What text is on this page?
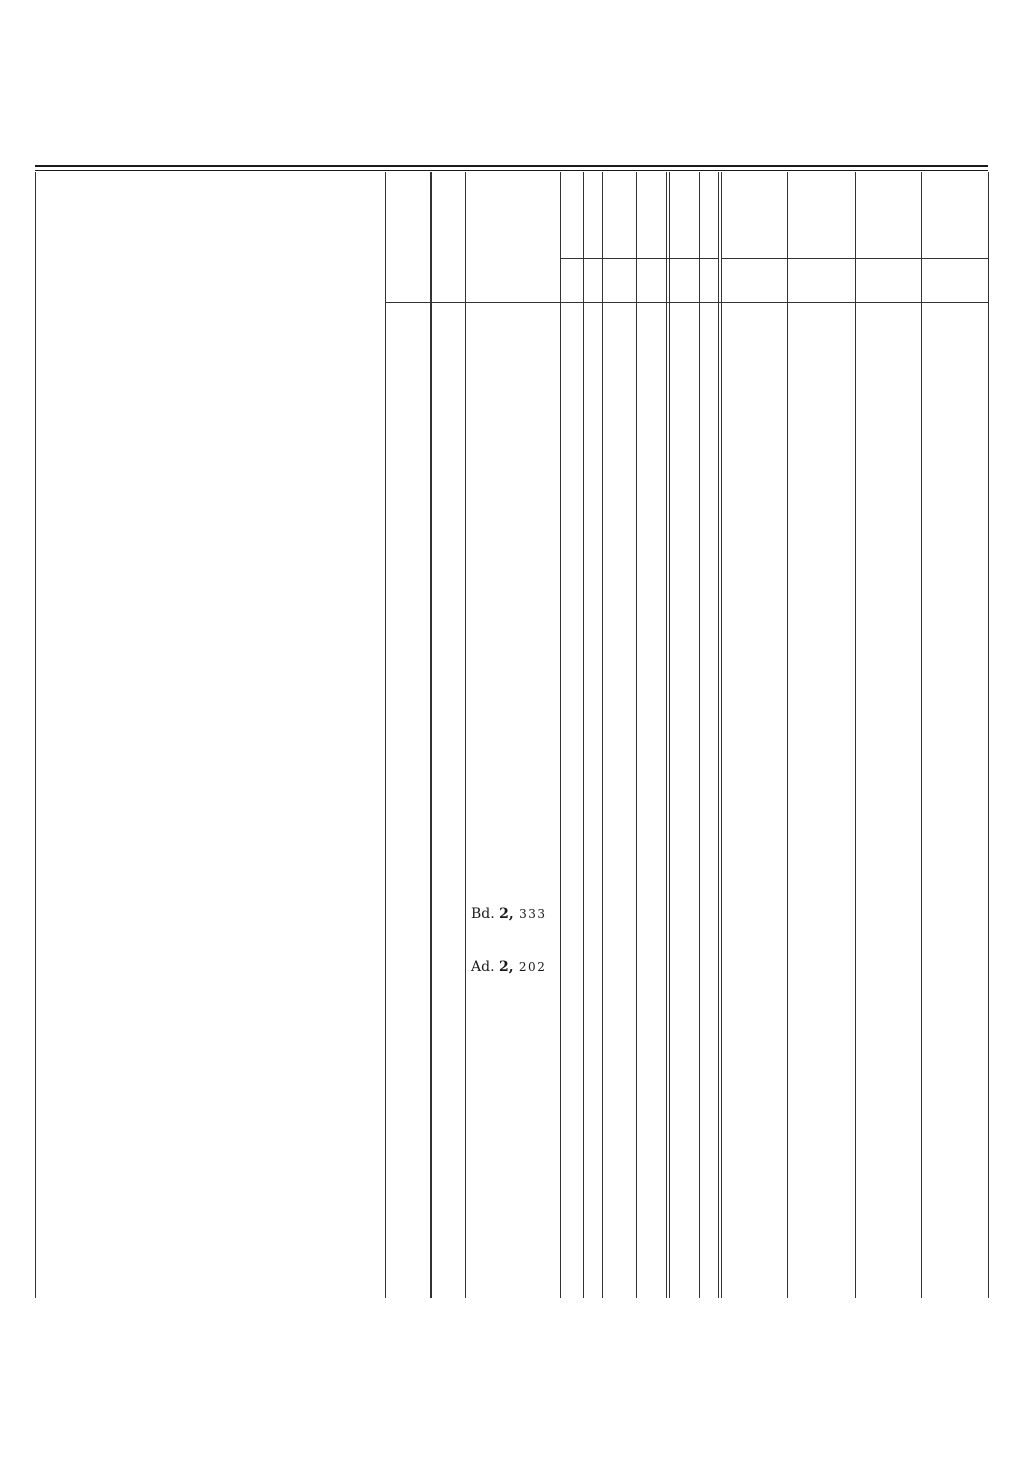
Bd. 2, 333
Ad. 2, 202
